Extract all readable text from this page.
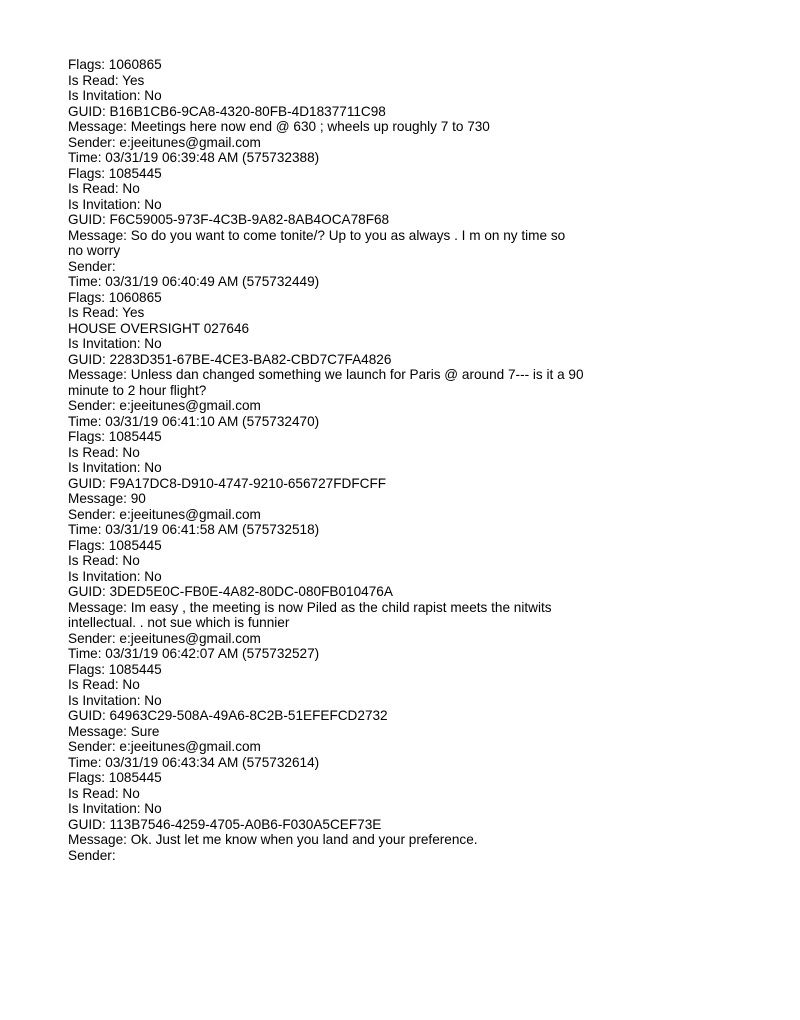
Flags: 1060865

Is Read: Yes

Is Invitation: No

GUID: B16B1CB6-9CA8-4320-80FB-4D1837711C98

Message: Meetings here now end @ 630 ; wheels up roughly 7 to 730

Sender: e:jeeitunes@gmail.com

Time: 03/31/19 06:39:48 AM (575732388)

Flags: 1085445

Is Read: No

Is Invitation: No

GUID: F6C59005-973F-4C3B-9A82-8AB4OCA78F68

Message: So do you want to come tonite/? Up to you as always . I m on ny time so

no worry

Sender:

Time: 03/31/19 06:40:49 AM (575732449)

Flags: 1060865

Is Read: Yes

HOUSE OVERSIGHT 027646

Is Invitation: No

GUID: 2283D351-67BE-4CE3-BA82-CBD7C7FA4826

Message: Unless dan changed something we launch for Paris @ around 7--- is it a 90

minute to 2 hour flight?

Sender: e:jeeitunes@gmail.com

Time: 03/31/19 06:41:10 AM (575732470)

Flags: 1085445

Is Read: No

Is Invitation: No

GUID: F9A17DC8-D910-4747-9210-656727FDFCFF

Message: 90

Sender: e:jeeitunes@gmail.com

Time: 03/31/19 06:41:58 AM (575732518)

Flags: 1085445

Is Read: No

Is Invitation: No

GUID: 3DED5E0C-FB0E-4A82-80DC-080FB010476A

Message: Im easy , the meeting is now Piled as the child rapist meets the nitwits

intellectual. . not sue which is funnier

Sender: e:jeeitunes@gmail.com

Time: 03/31/19 06:42:07 AM (575732527)

Flags: 1085445

Is Read: No

Is Invitation: No

GUID: 64963C29-508A-49A6-8C2B-51EFEFCD2732

Message: Sure

Sender: e:jeeitunes@gmail.com

Time: 03/31/19 06:43:34 AM (575732614)

Flags: 1085445

Is Read: No

Is Invitation: No

GUID: 113B7546-4259-4705-A0B6-F030A5CEF73E

Message: Ok. Just let me know when you land and your preference.

Sender:
